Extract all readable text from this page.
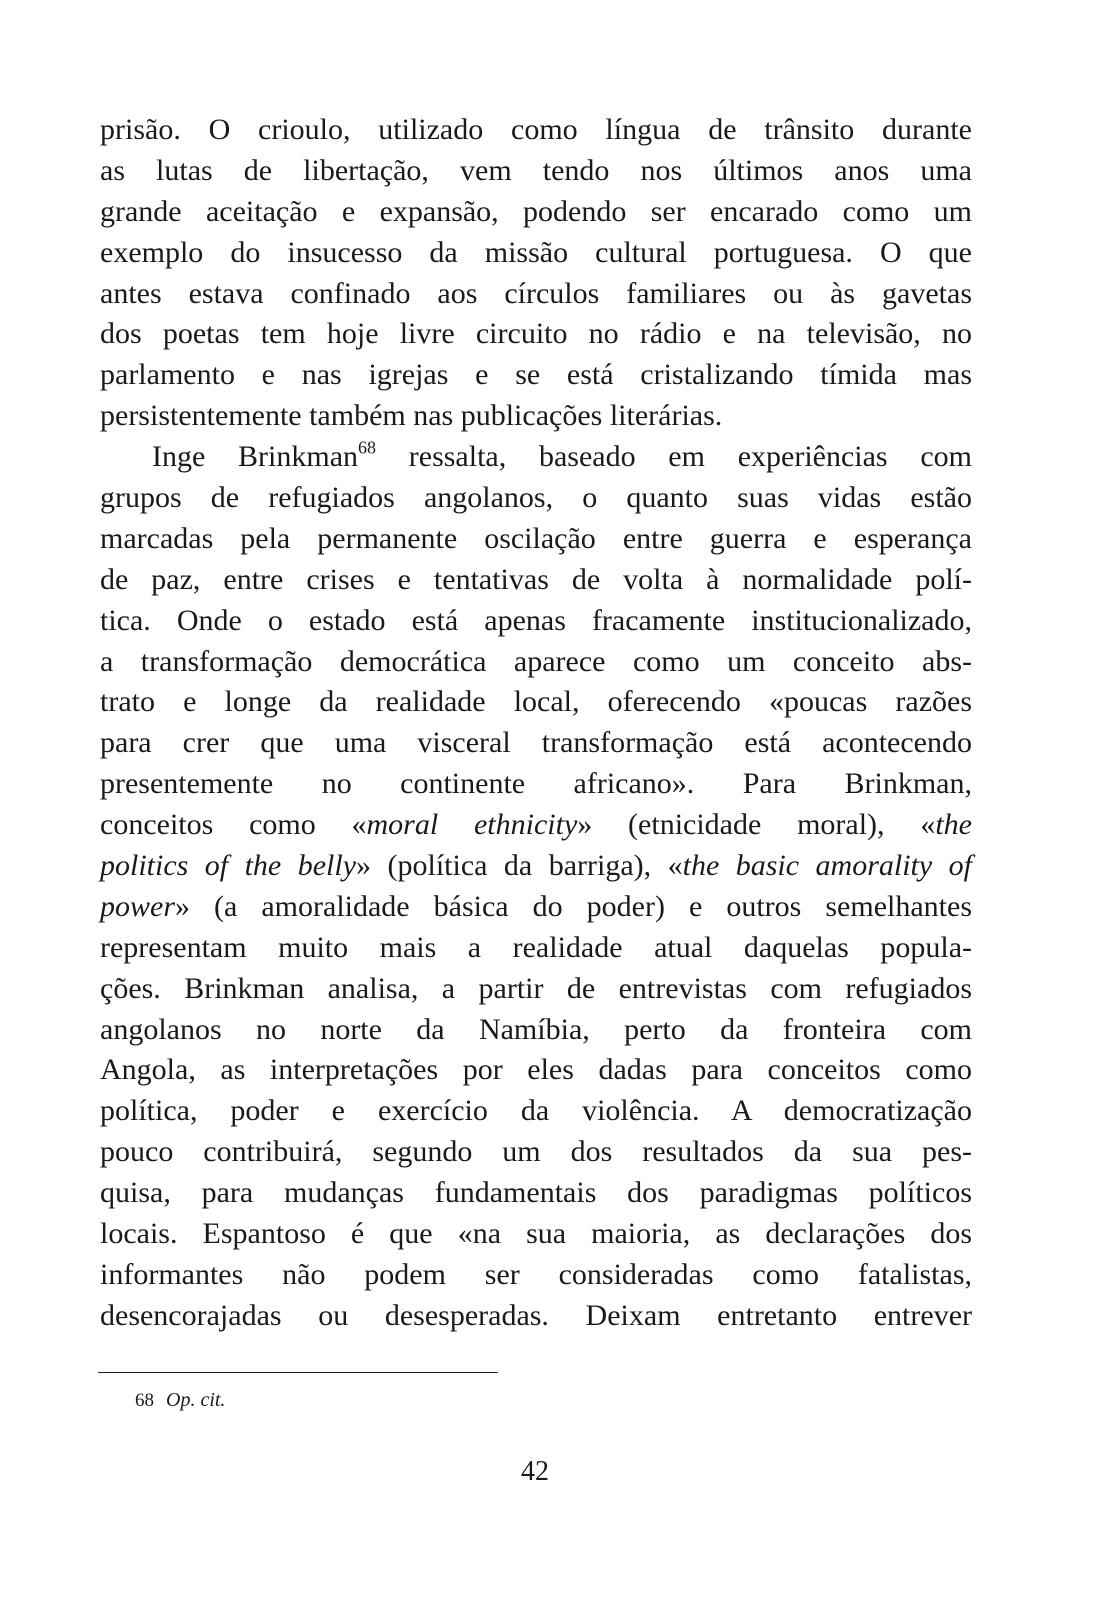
prisão. O crioulo, utilizado como língua de trânsito durante
as lutas de libertação, vem tendo nos últimos anos uma
grande aceitação e expansão, podendo ser encarado como um
exemplo do insucesso da missão cultural portuguesa. O que
antes estava confinado aos círculos familiares ou às gavetas
dos poetas tem hoje livre circuito no rádio e na televisão, no
parlamento e nas igrejas e se está cristalizando tímida mas
persistentemente também nas publicações literárias.
Inge Brinkman$^{68}$ ressalta, baseado em experiências com
grupos de refugiados angolanos, o quanto suas vidas estão
marcadas pela permanente oscilação entre guerra e esperança
de paz, entre crises e tentativas de volta à normalidade polí-
tica. Onde o estado está apenas fracamente institucionalizado,
a transformação democrática aparece como um conceito abs-
trato e longe da realidade local, oferecendo «poucas razões
para crer que uma visceral transformação está acontecendo
presentemente no continente africano». Para Brinkman,
conceitos como «moral ethnicity» (etnicidade moral), «the
politics of the belly» (política da barriga), «the basic amorality of
power» (a amoralidade básica do poder) e outros semelhantes
representam muito mais a realidade atual daquelas popula-
ções. Brinkman analisa, a partir de entrevistas com refugiados
angolanos no norte da Namíbia, perto da fronteira com
Angola, as interpretações por eles dadas para conceitos como
política, poder e exercício da violência. A democratização
pouco contribuirá, segundo um dos resultados da sua pes-
quisa, para mudanças fundamentais dos paradigmas políticos
locais. Espantoso é que «na sua maioria, as declarações dos
informantes não podem ser consideradas como fatalistas,
desencorajadas ou desesperadas. Deixam entretanto entrever
68 Op. cit.
42
